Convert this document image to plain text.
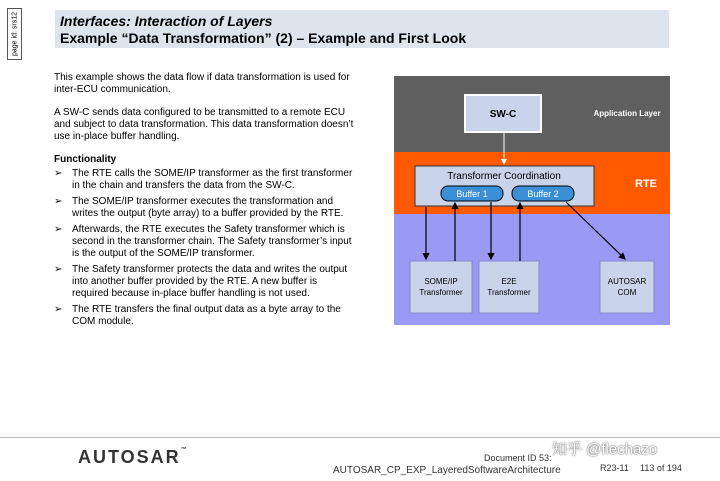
page id: srs12	Interfaces: Interaction of Layers
Example “Data Transformation” (2) – Example and First Look

This example shows the data flow if data transformation is used for inter-ECU communication.

A SW-C sends data configured to be transmitted to a remote ECU and subject to data transformation. This data transformation doesn’t use in-place buffer handling.

Functionality
➢ The RTE calls the SOME/IP transformer as the first transformer in the chain and transfers the data from the SW-C.
➢ The SOME/IP transformer executes the transformation and writes the output (byte array) to a buffer provided by the RTE.
➢ Afterwards, the RTE executes the Safety transformer which is second in the transformer chain. The Safety transformer’s input is the output of the SOME/IP transformer.
➢ The Safety transformer protects the data and writes the output into another buffer provided by the RTE. A new buffer is required because in-place buffer handling is not used.
➢ The RTE transfers the final output data as a byte array to the COM module.
Application Layer
SW-C
RTE
Transformer Coordination
Buffer 1	Buffer 2
SOME/IP
Transformer
E2E
Transformer
AUTOSAR
COM
AUTOSAR™
Document ID 53:
AUTOSAR_CP_EXP_LayeredSoftwareArchitecture	R23-11 113 of 194
知乎 @flechazo
